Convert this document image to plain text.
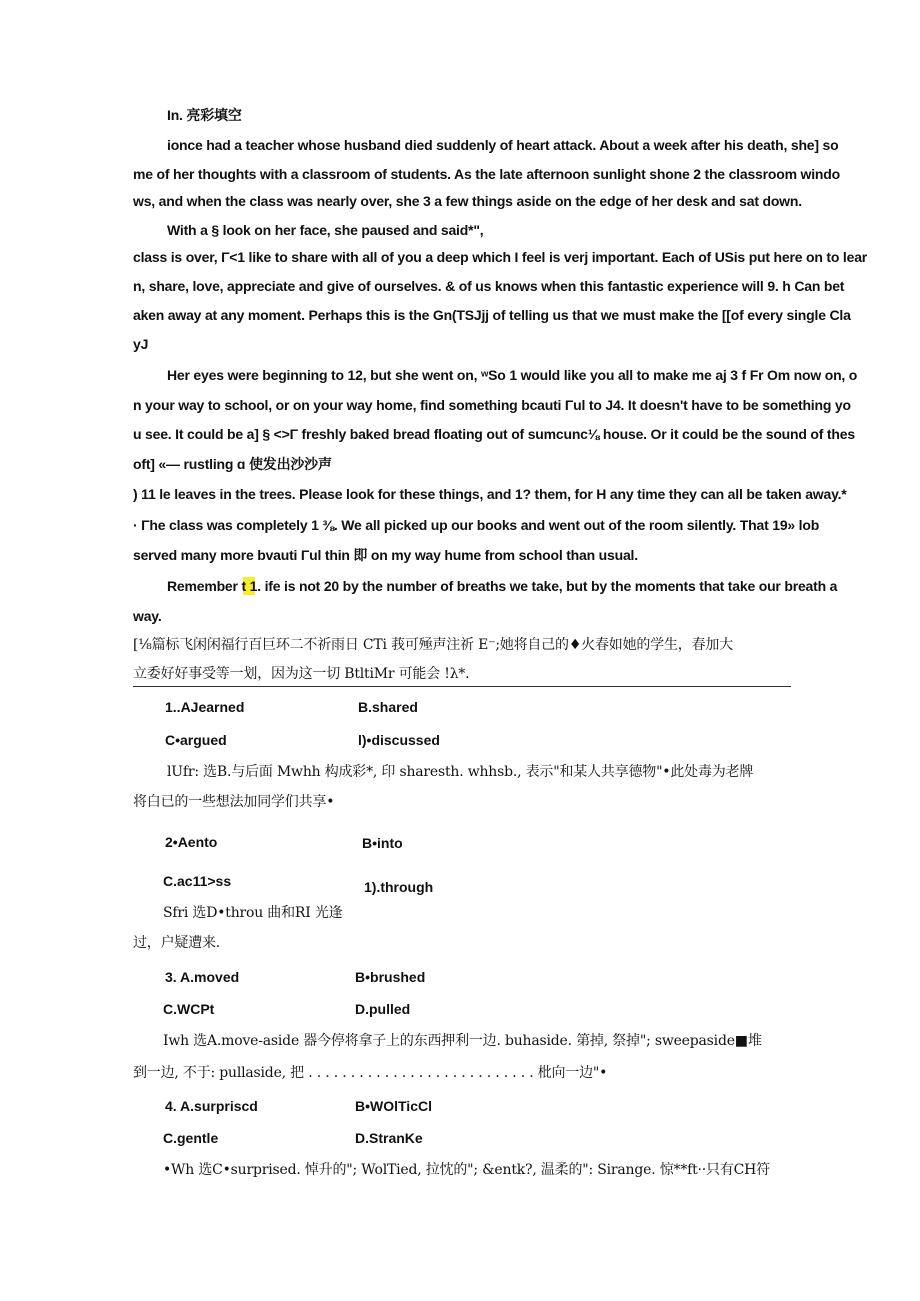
In. 亮彩填空
ionce had a teacher whose husband died suddenly of heart attack. About a week after his death, she] so
me of her thoughts with a classroom of students. As the late afternoon sunlight shone 2 the classroom windo
ws, and when the class was nearly over, she 3 a few things aside on the edge of her desk and sat down.
With a § look on her face, she paused and said*",
class is over, Γ<1 like to share with all of you a deep which I feel is verj important. Each of USis put here on to lear
n, share, love, appreciate and give of ourselves. & of us knows when this fantastic experience will 9. h Can bet
aken away at any moment. Perhaps this is the Gn(TSJjj of telling us that we must make the [[of every single Cla
yJ
Her eyes were beginning to 12, but she went on, ʷSo 1 would like you all to make me aj 3 f Fr Om now on, o
n your way to school, or on your way home, find something bcauti Γul to J4. It doesn't have to be something yo
u see. It could be a] § <>Γ freshly baked bread floating out of sumcunc⅛ house. Or it could be the sound of thes
oft] «— rustling ɑ 使发出沙沙声
) 11 le leaves in the trees. Please look for these things, and 1? them, for H any time they can all be taken away.*
· Γhe class was completely 1 ⅜. We all picked up our books and went out of the room silently. That 19» lob
served many more bvauti Γul thin 即 on my way hume from school than usual.
Remember t 1. ife is not 20 by the number of breaths we take, but by the moments that take our breath a
way.
[⅛篇标飞闲闲福行百巨环二不祈雨日 CTi 莪可殛声注祈 E⁻;她将自己的♦火春如她的学生，春加大
立委好好事受等一划，因为这一切 BtltiMr 可能会 !λ*.
1..AJearned	B.shared
C•argued	l)•discussed
lUfr: 选B.与后面 Mwhh 构成彩*, 印 sharesth. whhsb., 表示"和某人共享德物"•此处毒为老牌
将白已的一些想法加同学们共享•
2•Aento	B•into
C.ac11>ss	1).through
Sfri 选D•throu 曲和RI 光逢
过，户疑遭来.
3. A.moved	B•brushed
C.WCPt	D.pulled
Iwh 选A.move-aside 器今停将拿子上的东西押利一边. buhaside. 第掉, 祭掉"; sweepaside■堆
到一边, 不于: pullaside, 把 . . . . . . . . . . . . . . . . . . . . . . . . . . . 枇向一边"•
4. A.surpriscd	B•WOlTicCl
C.gentle	D.StranKe
•Wh 选C•surprised. 悼升的"; WolTied, 拉忱的"; &entk?, 温柔的": Sirange. 惊**ft··只有CH符
